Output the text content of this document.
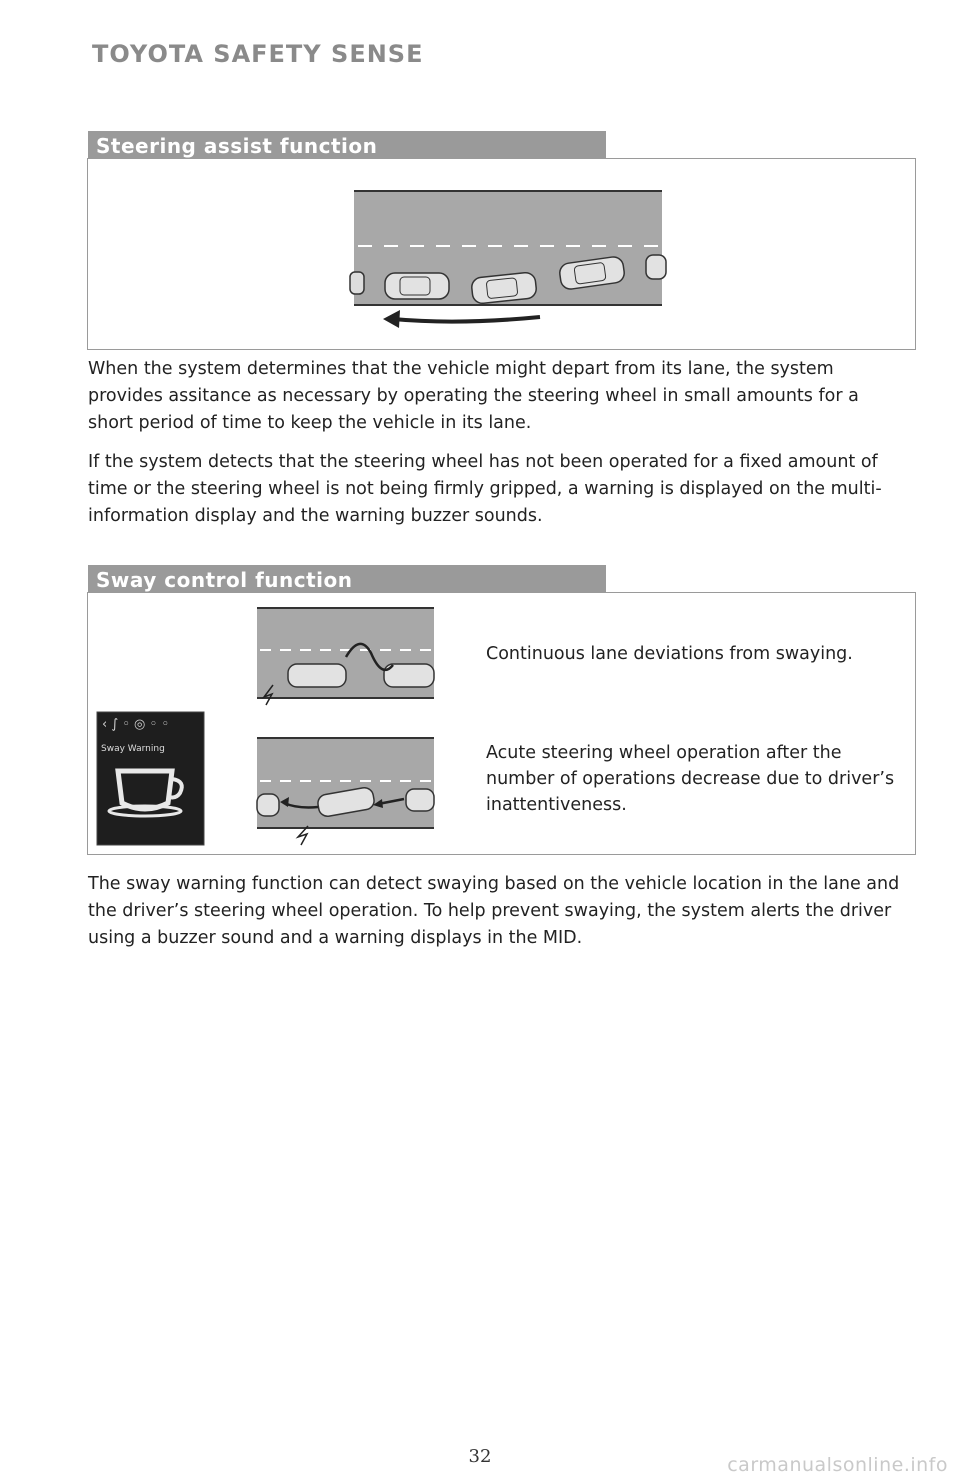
TOYOTA SAFETY SENSE
Steering assist function

When the system determines that the vehicle might depart from its lane, the system provides assitance as necessary by operating the steering wheel in small amounts for a short period of time to keep the vehicle in its lane.

If the system detects that the steering wheel has not been operated for a fixed amount of time or the steering wheel is not being firmly gripped, a warning is displayed on the multi-information display and the warning buzzer sounds.

Sway control function
‹ ∫ ◦ ◎ ◦ ◦
Sway Warning
Continuous lane deviations from swaying.
Acute steering wheel operation after the number of operations decrease due to driver’s inattentiveness.

The sway warning function can detect swaying based on the vehicle location in the lane and the driver’s steering wheel operation. To help prevent swaying, the system alerts the driver using a buzzer sound and a warning displays in the MID.

32	carmanualsonline.info
